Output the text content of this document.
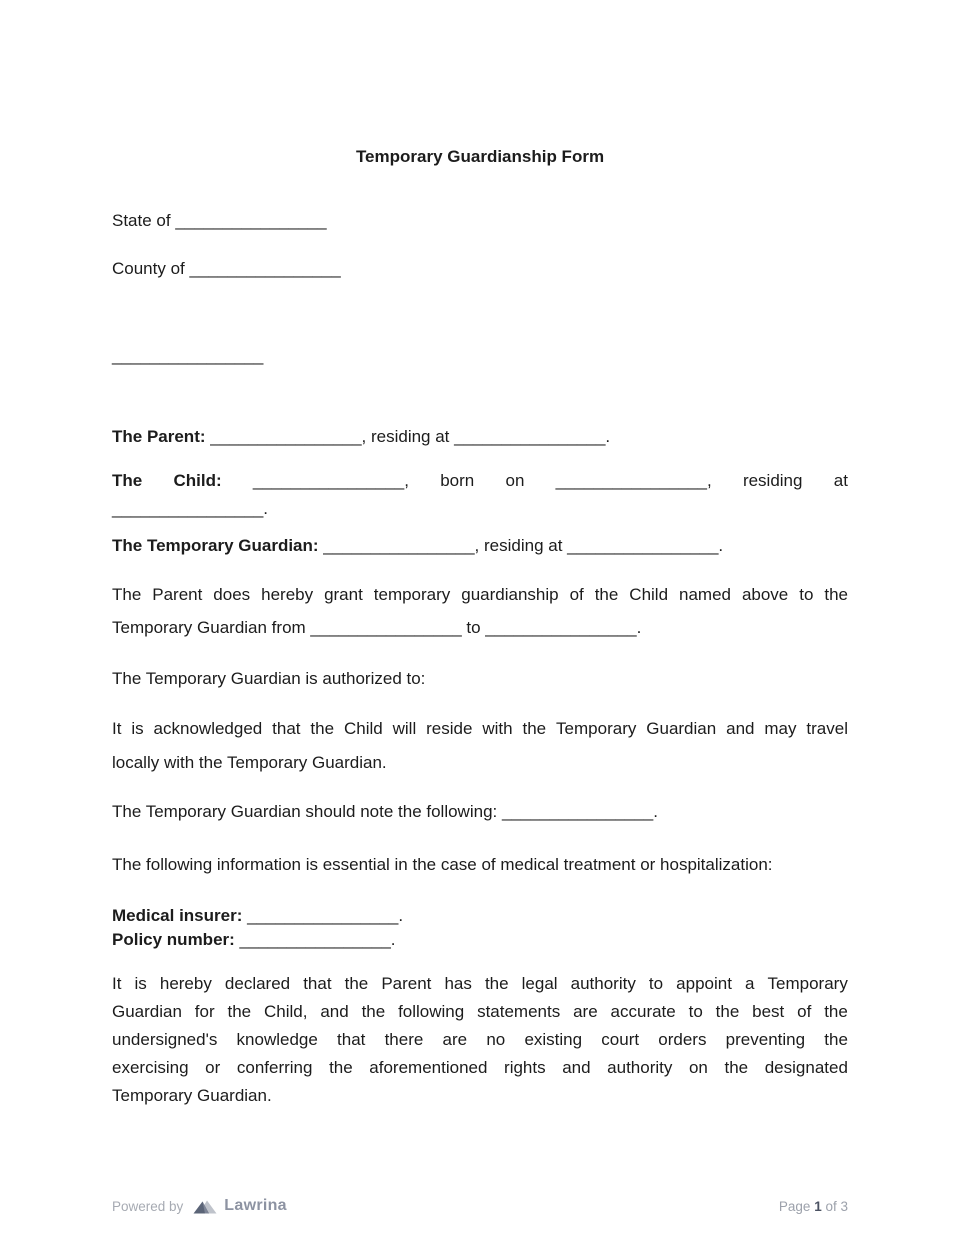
Temporary Guardianship Form

State of ________________

County of ________________

________________

The Parent: ________________, residing at ________________.

The Child: ________________, born on ________________, residing at
________________.

The Temporary Guardian: ________________, residing at ________________.

The Parent does hereby grant temporary guardianship of the Child named above to the
Temporary Guardian from ________________ to ________________.

The Temporary Guardian is authorized to:

It is acknowledged that the Child will reside with the Temporary Guardian and may travel
locally with the Temporary Guardian.

The Temporary Guardian should note the following: ________________.

The following information is essential in the case of medical treatment or hospitalization:

Medical insurer: ________________.
Policy number: ________________.
It is hereby declared that the Parent has the legal authority to appoint a Temporary
Guardian for the Child, and the following statements are accurate to the best of the
undersigned's knowledge that there are no existing court orders preventing the
exercising or conferring the aforementioned rights and authority on the designated
Temporary Guardian.
Powered by	Lawrina	Page 1 of 3
